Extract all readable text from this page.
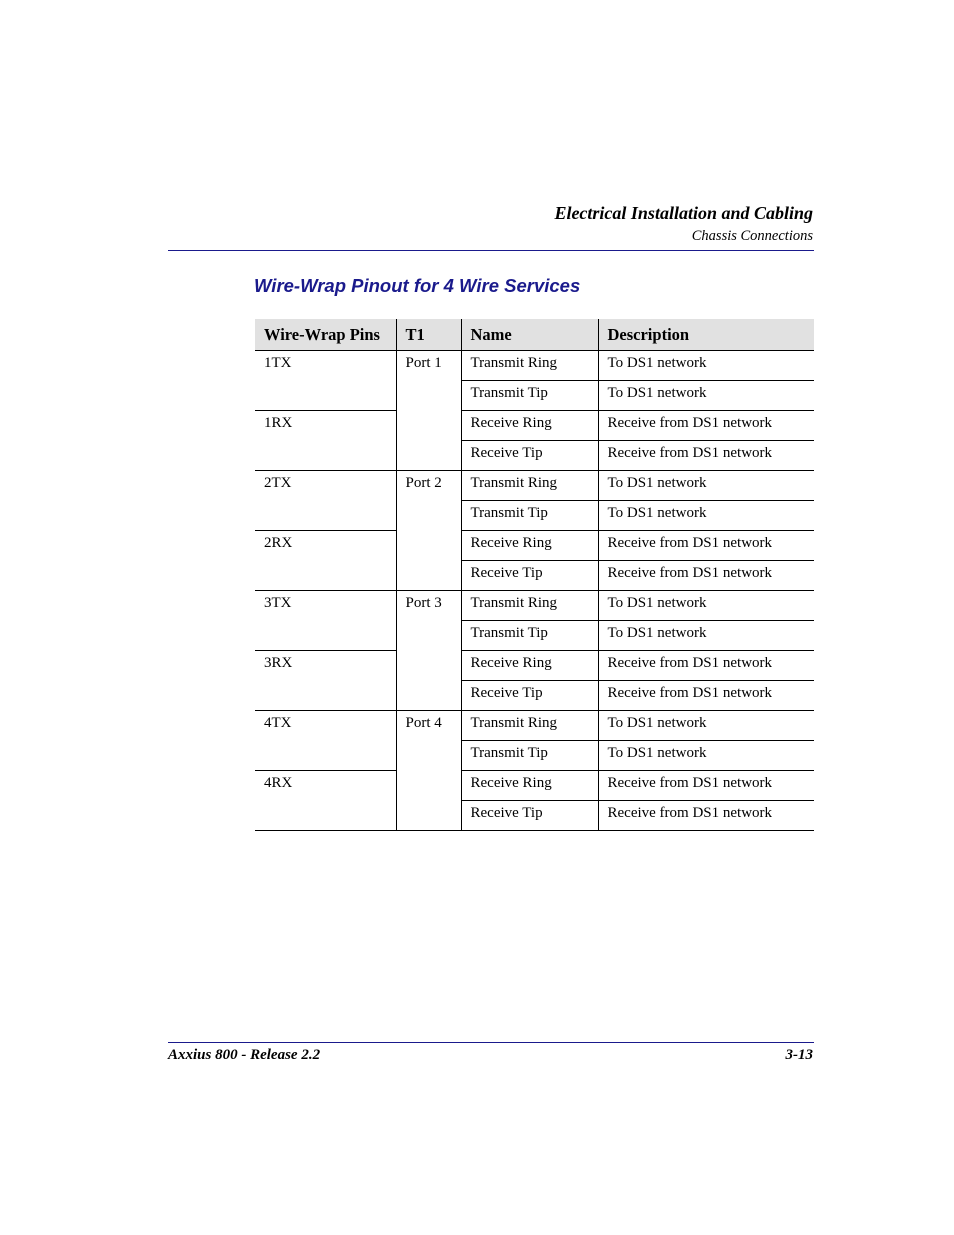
Electrical Installation and Cabling
Chassis Connections
Wire-Wrap Pinout for 4 Wire Services
Wire-Wrap Pins	T1	Name	Description
1TX	Port 1	Transmit Ring	To DS1 network
		Transmit Tip	To DS1 network
1RX		Receive Ring	Receive from DS1 network
		Receive Tip	Receive from DS1 network
2TX	Port 2	Transmit Ring	To DS1 network
		Transmit Tip	To DS1 network
2RX		Receive Ring	Receive from DS1 network
		Receive Tip	Receive from DS1 network
3TX	Port 3	Transmit Ring	To DS1 network
		Transmit Tip	To DS1 network
3RX		Receive Ring	Receive from DS1 network
		Receive Tip	Receive from DS1 network
4TX	Port 4	Transmit Ring	To DS1 network
		Transmit Tip	To DS1 network
4RX		Receive Ring	Receive from DS1 network
		Receive Tip	Receive from DS1 network
Axxius 800 - Release 2.2	3-13
